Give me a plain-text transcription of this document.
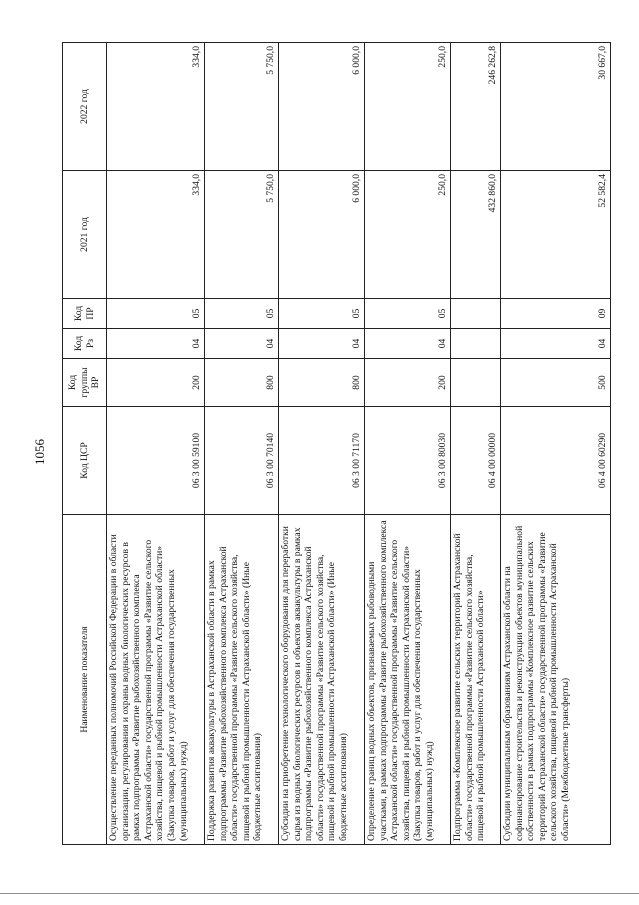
1056
Наименование показателя	Код ЦСР	Код группы ВР	Код Рз	Код ПР	2021 год	2022 год
Осуществление переданных полномочий Российской Федерации в области организации, регулирования и охраны водных биологических ресурсов в рамках подпрограммы «Развитие рыбохозяйственного комплекса Астраханской области» государственной программы «Развитие сельского хозяйства, пищевой и рыбной промышленности Астраханской области» (Закупка товаров, работ и услуг для обеспечения государственных (муниципальных) нужд)	06 3 00 59100	200	04	05	334,0	334,0
Поддержка развития аквакультуры в Астраханской области в рамках подпрограммы «Развитие рыбохозяйственного комплекса Астраханской области» государственной программы «Развитие сельского хозяйства, пищевой и рыбной промышленности Астраханской области» (Иные бюджетные ассигнования)	06 3 00 70140	800	04	05	5 750,0	5 750,0
Субсидии на приобретение технологического оборудования для переработки сырья из водных биологических ресурсов и объектов аквакультуры в рамках подпрограммы «Развитие рыбохозяйственного комплекса Астраханской области» государственной программы «Развитие сельского хозяйства, пищевой и рыбной промышленности Астраханской области» (Иные бюджетные ассигнования)	06 3 00 71170	800	04	05	6 000,0	6 000,0
Определение границ водных объектов, признаваемых рыбоводными участками, в рамках подпрограммы «Развитие рыбохозяйственного комплекса Астраханской области» государственной программы «Развитие сельского хозяйства, пищевой и рыбной промышленности Астраханской области» (Закупка товаров, работ и услуг для обеспечения государственных (муниципальных) нужд)	06 3 00 80030	200	04	05	250,0	250,0
Подпрограмма «Комплексное развитие сельских территорий Астраханской области» государственной программы «Развитие сельского хозяйства, пищевой и рыбной промышленности Астраханской области»	06 4 00 00000				432 860,0	246 262,8
Субсидии муниципальным образованиям Астраханской области на софинансирование строительства и реконструкции объектов муниципальной собственности в рамках подпрограммы «Комплексное развитие сельских территорий Астраханской области» государственной программы «Развитие сельского хозяйства, пищевой и рыбной промышленности Астраханской области» (Межбюджетные трансферты)	06 4 00 60290	500	04	09	52 582,4	30 667,0
